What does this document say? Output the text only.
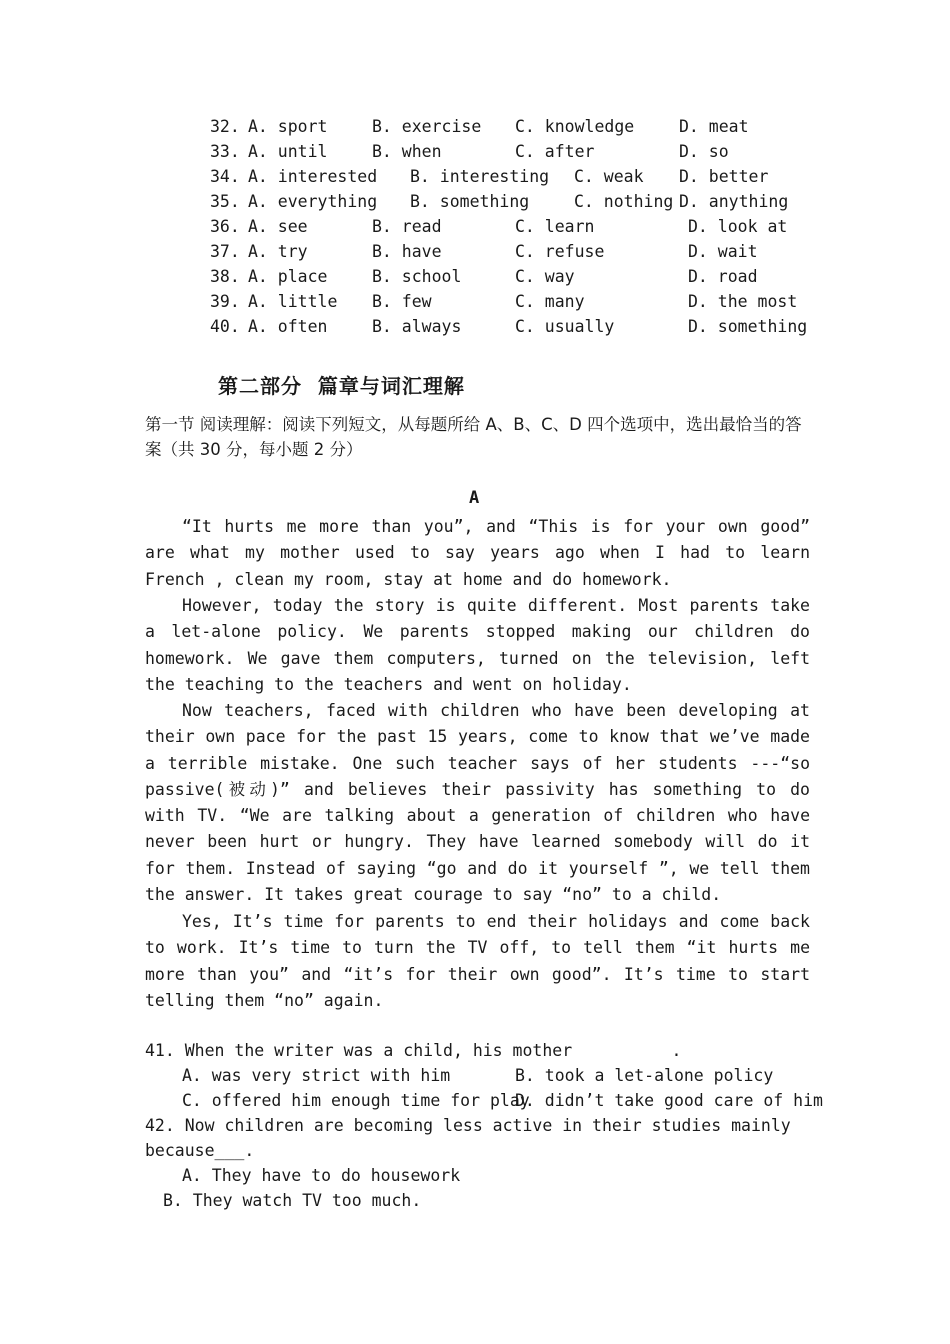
32. A. sport	B. exercise C. knowledge	D. meat
33. A. until	B. when	C. after	D. so
34. A. interested B. interesting C. weak D. better
35. A. everything B. something	C. nothing D. anything
36. A. see	B. read	C. learn	D. look at
37. A. try	B. have	C. refuse	D. wait
38. A. place	B. school	C. way	D. road
39. A. little B. few	C. many	D. the most
40. A. often	B. always	C. usually	D. something
第二部分  篇章与词汇理解
第一节 阅读理解：阅读下列短文，从每题所给 A、B、C、D 四个选项中，选出最恰当的答案（共 30 分，每小题 2 分）
A
“It hurts me more than you”, and “This is for your own good” are what my mother used to say years ago when I had to learn French , clean my room, stay at home and do homework.
However, today the story is quite different. Most parents take a let-alone policy. We parents stopped making our children do homework. We gave them computers, turned on the television, left the teaching to the teachers and went on holiday.
Now teachers, faced with children who have been developing at their own pace for the past 15 years, come to know that we’ve made a terrible mistake. One such teacher says of her students ---“so passive(被动)” and believes their passivity has something to do with TV. “We are talking about a generation of children who have never been hurt or hungry. They have learned somebody will do it for them. Instead of saying “go and do it yourself ”, we tell them the answer. It takes great courage to say “no” to a child.
Yes, It’s time for parents to end their holidays and come back to work. It’s time to turn the TV off, to tell them “it hurts me more than you” and “it’s for their own good”. It’s time to start telling them “no” again.
41. When the writer was a child, his mother          .
A. was very strict with him	B. took a let-alone policy
C. offered him enough time for play
D. didn’t take good care of him
42. Now children are becoming less active in their studies mainly
because___.
A. They have to do housework
B. They watch TV too much.
